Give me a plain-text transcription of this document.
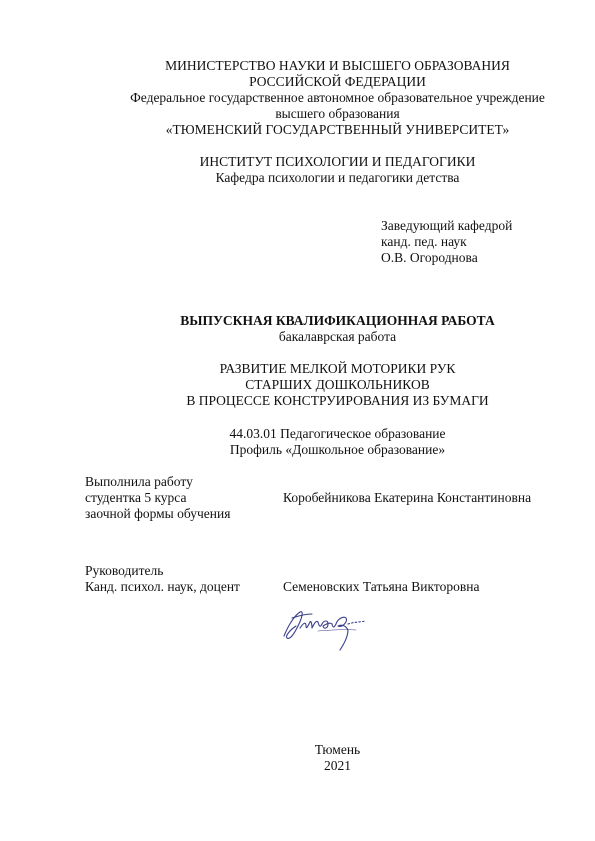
МИНИСТЕРСТВО НАУКИ И ВЫСШЕГО ОБРАЗОВАНИЯ
РОССИЙСКОЙ ФЕДЕРАЦИИ
Федеральное государственное автономное образовательное учреждение
высшего образования
«ТЮМЕНСКИЙ ГОСУДАРСТВЕННЫЙ УНИВЕРСИТЕТ»
ИНСТИТУТ ПСИХОЛОГИИ И ПЕДАГОГИКИ
Кафедра психологии и педагогики детства
Заведующий кафедрой
канд. пед. наук
О.В. Огороднова
ВЫПУСКНАЯ КВАЛИФИКАЦИОННАЯ РАБОТА
бакалаврская работа
РАЗВИТИЕ МЕЛКОЙ МОТОРИКИ РУК
СТАРШИХ ДОШКОЛЬНИКОВ
В ПРОЦЕССЕ КОНСТРУИРОВАНИЯ ИЗ БУМАГИ
44.03.01 Педагогическое образование
Профиль «Дошкольное образование»
Выполнила работу
студентка 5 курса
заочной формы обучения
Коробейникова Екатерина Константиновна
Руководитель
Канд. психол. наук, доцент	Семеновских Татьяна Викторовна
Тюмень
2021
